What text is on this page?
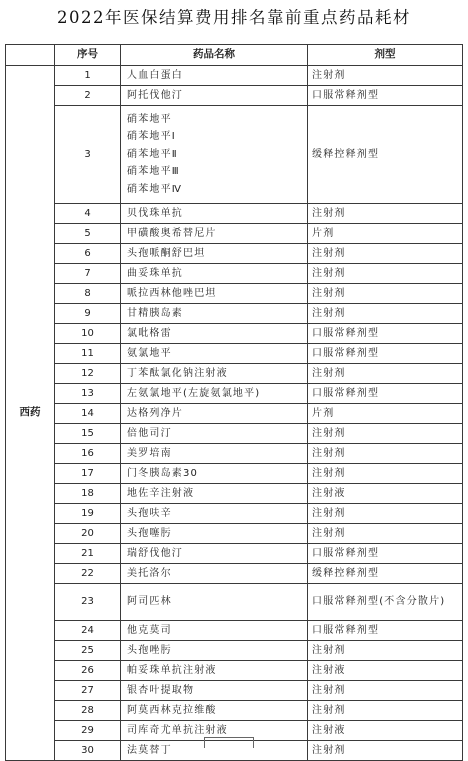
2022年医保结算费用排名靠前重点药品耗材
	序号	药品名称	剂型
西药	1	人血白蛋白	注射剂
	2	阿托伐他汀	口服常释剂型
	3	硝苯地平
硝苯地平Ⅰ
硝苯地平Ⅱ
硝苯地平Ⅲ
硝苯地平Ⅳ	缓释控释剂型
	4	贝伐珠单抗	注射剂
	5	甲磺酸奥希替尼片	片剂
	6	头孢哌酮舒巴坦	注射剂
	7	曲妥珠单抗	注射剂
	8	哌拉西林他唑巴坦	注射剂
	9	甘精胰岛素	注射剂
	10	氯吡格雷	口服常释剂型
	11	氨氯地平	口服常释剂型
	12	丁苯酞氯化钠注射液	注射剂
	13	左氨氯地平(左旋氨氯地平)	口服常释剂型
	14	达格列净片	片剂
	15	倍他司汀	注射剂
	16	美罗培南	注射剂
	17	门冬胰岛素30	注射剂
	18	地佐辛注射液	注射液
	19	头孢呋辛	注射剂
	20	头孢噻肟	注射剂
	21	瑞舒伐他汀	口服常释剂型
	22	美托洛尔	缓释控释剂型
	23	阿司匹林	口服常释剂型(不含分散片)
	24	他克莫司	口服常释剂型
	25	头孢唑肟	注射剂
	26	帕妥珠单抗注射液	注射液
	27	银杏叶提取物	注射剂
	28	阿莫西林克拉维酸	注射剂
	29	司库奇尤单抗注射液	注射液
	30	法莫替丁	注射剂
